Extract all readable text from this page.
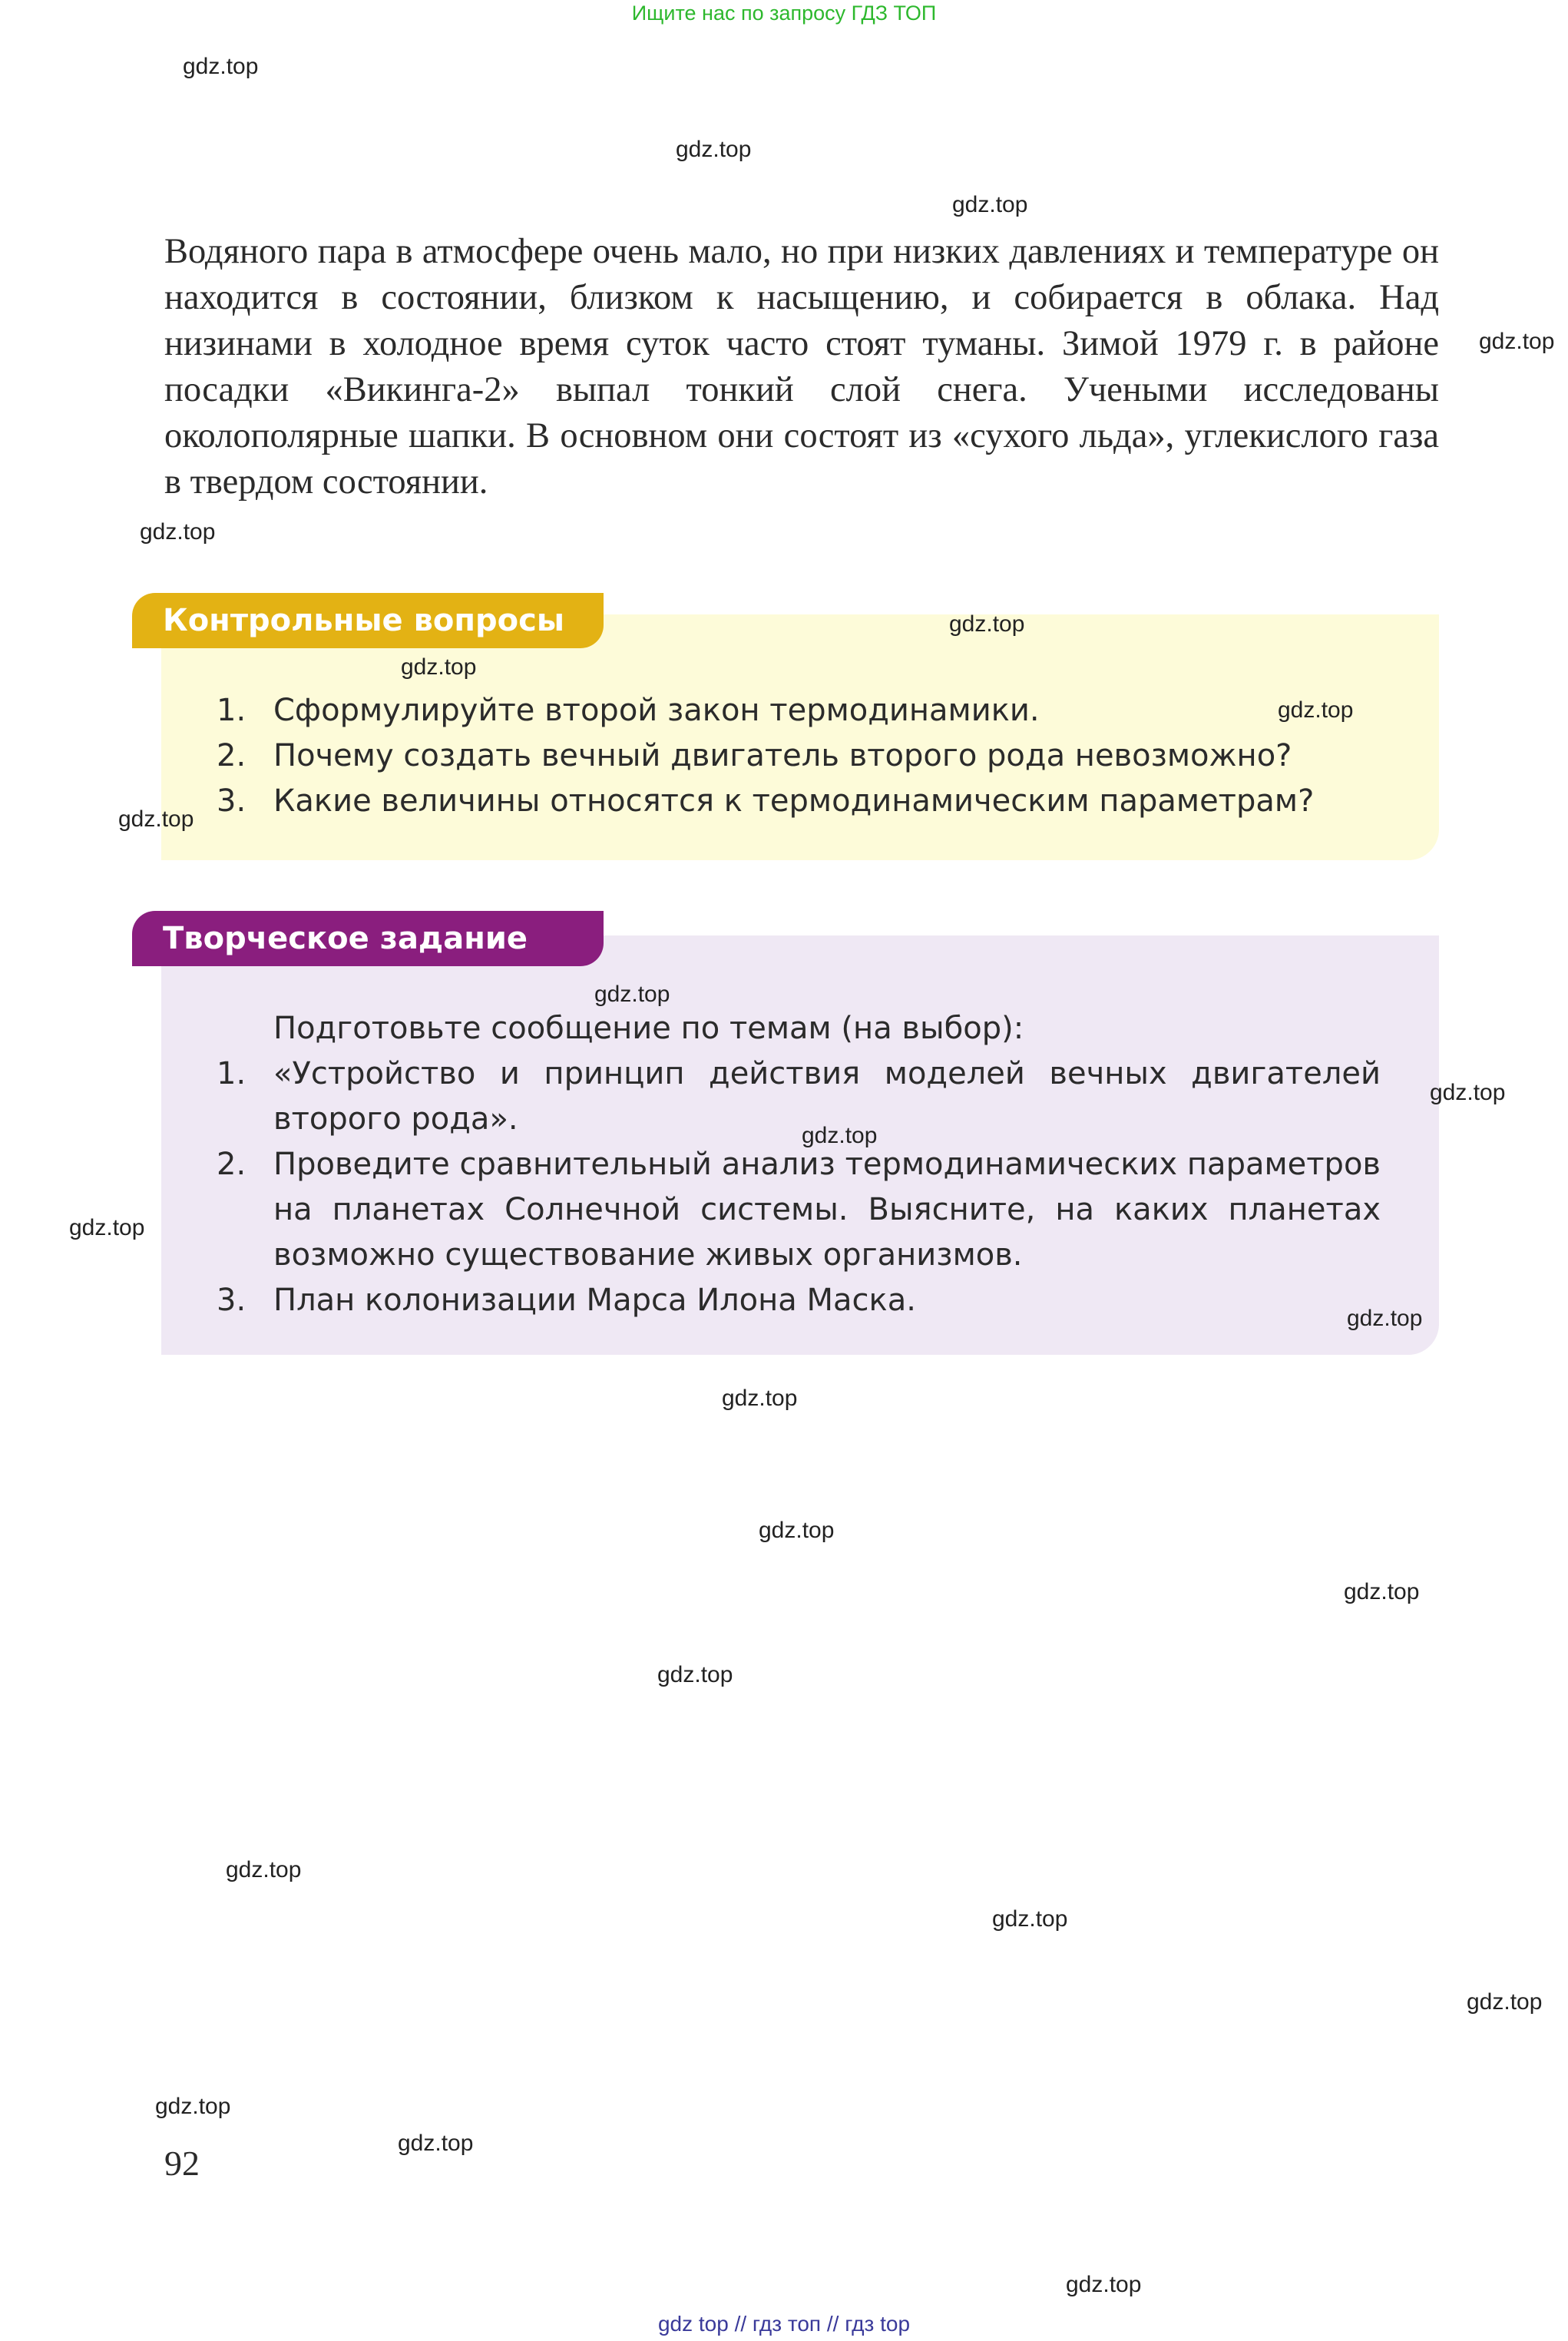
Ищите нас по запросу ГДЗ ТОП
Водяного пара в атмосфере очень мало, но при низких давлениях и температуре он находится в состоянии, близком к насыщению, и собирается в облака. Над низинами в холодное время суток часто стоят туманы. Зимой 1979 г. в районе посадки «Викинга-2» выпал тонкий слой снега. Учеными исследованы околополярные шапки. В основном они состоят из «сухого льда», углекислого газа в твердом состоянии.
Контрольные вопросы
1. Сформулируйте второй закон термодинамики.
2. Почему создать вечный двигатель второго рода невозможно?
3. Какие величины относятся к термодинамическим параметрам?
Творческое задание
Подготовьте сообщение по темам (на выбор):
1. «Устройство и принцип действия моделей вечных двигателей второго рода».
2. Проведите сравнительный анализ термодинамических параметров на планетах Солнечной системы. Выясните, на каких планетах возможно существование живых организмов.
3. План колонизации Марса Илона Маска.
92
gdz.top
gdz.top
gdz.top
gdz.top
gdz.top
gdz.top
gdz.top
gdz.top
gdz.top
gdz.top
gdz.top
gdz.top
gdz.top
gdz.top
gdz.top
gdz.top
gdz.top
gdz.top
gdz.top
gdz.top
gdz.top
gdz.top
gdz.top
gdz.top
gdz top // гдз топ // гдз top
